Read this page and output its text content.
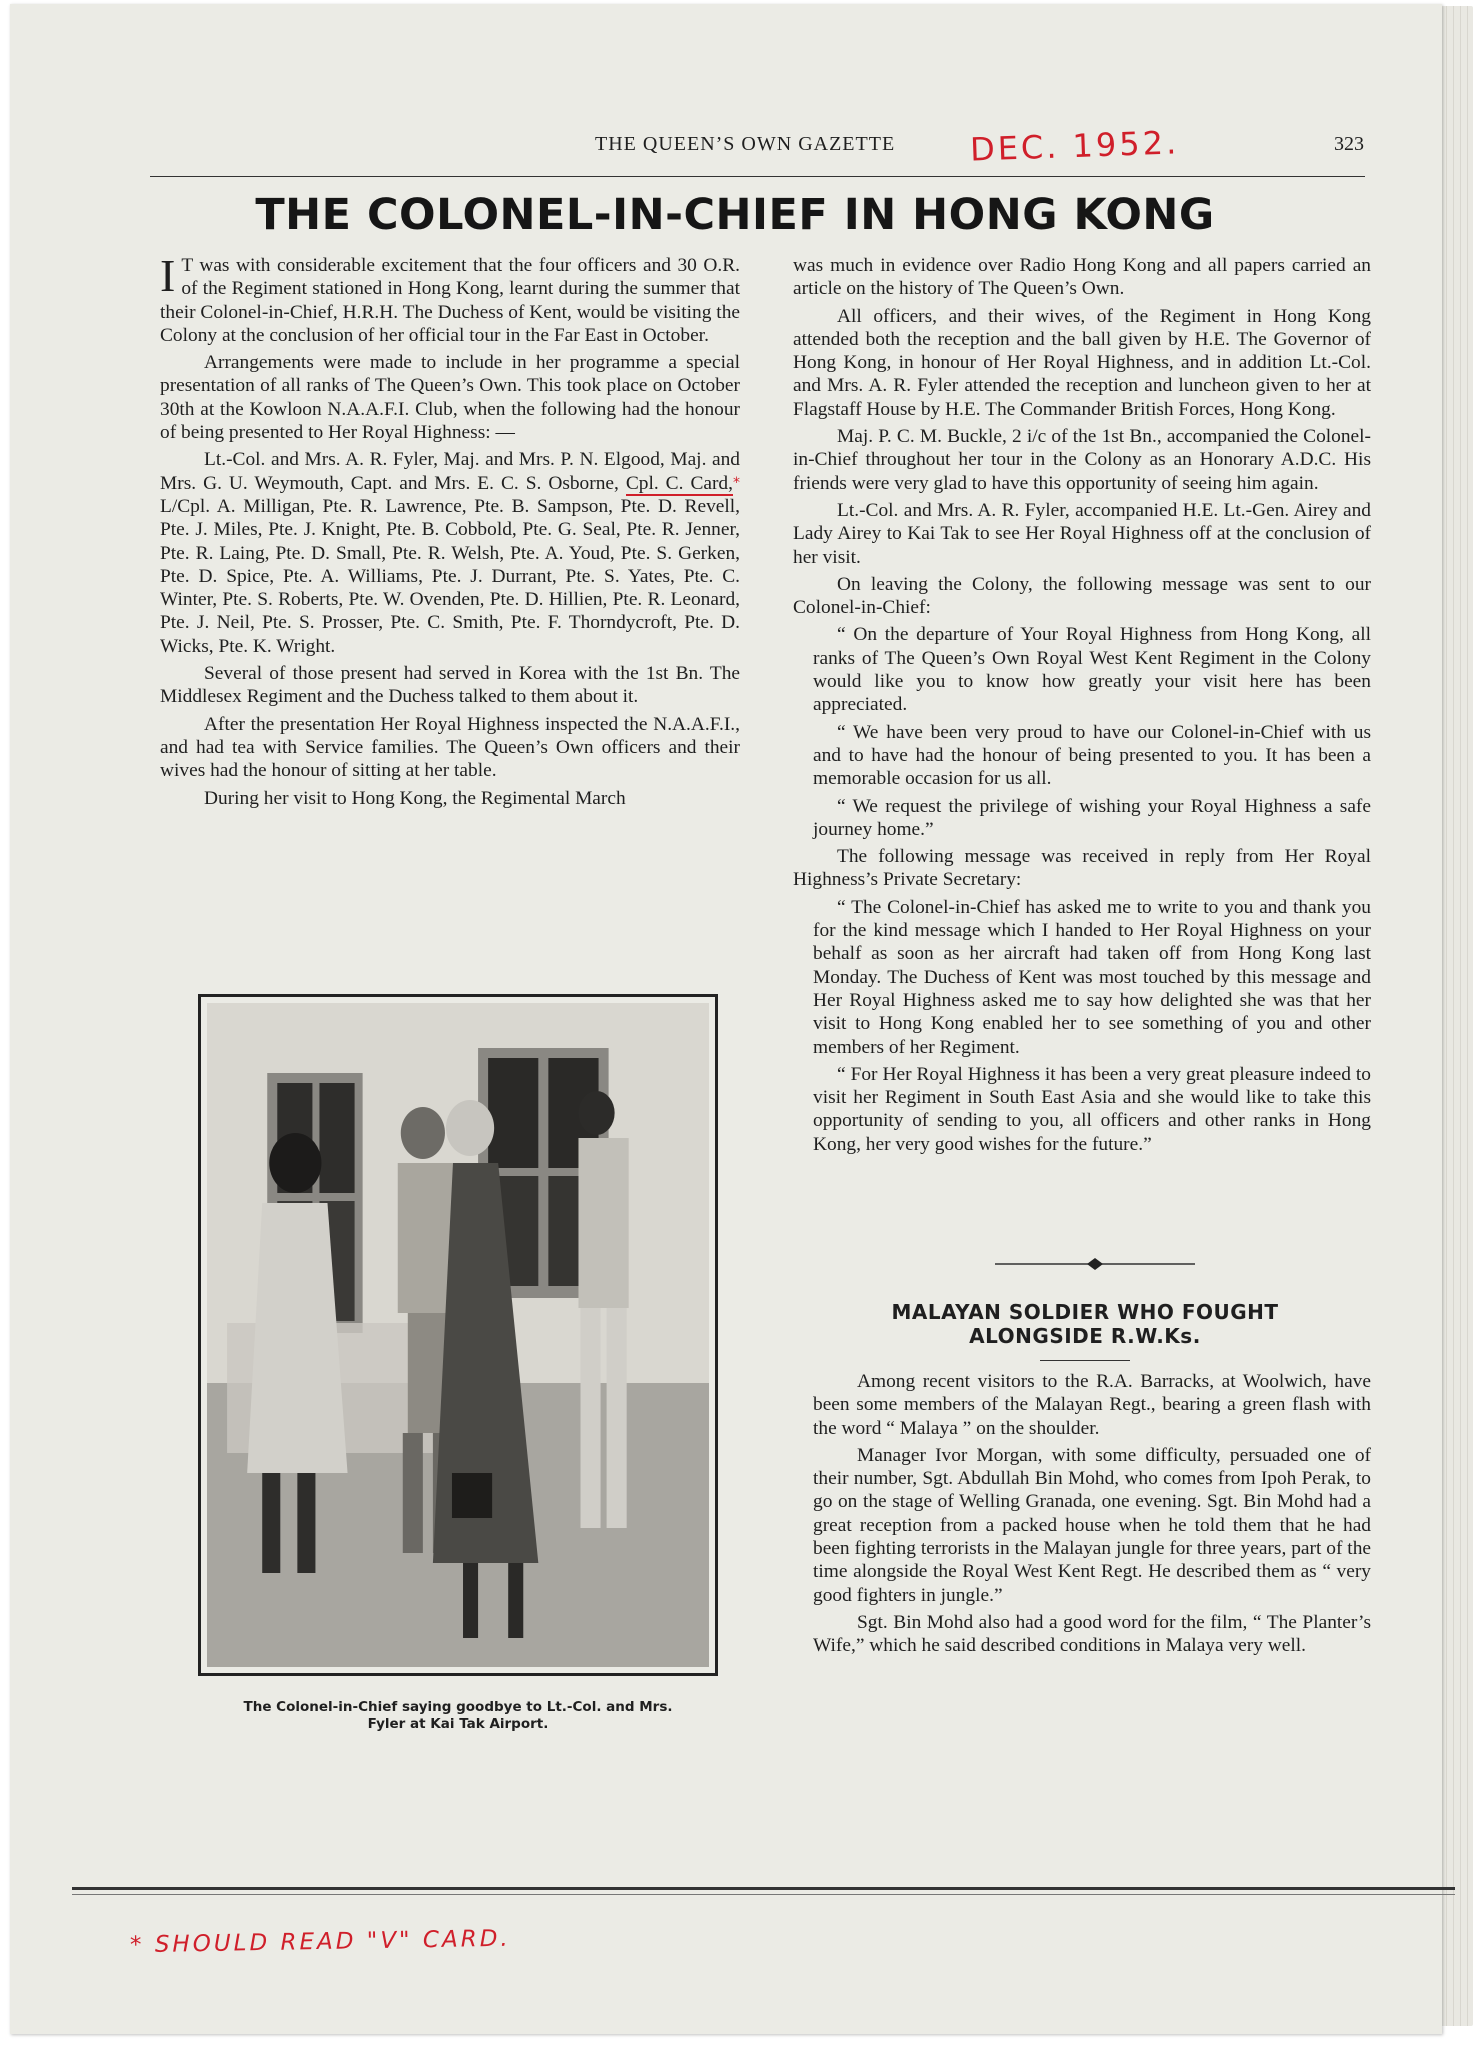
THE QUEEN’S OWN GAZETTE DEC. 1952.	323
THE COLONEL-IN-CHIEF IN HONG KONG

I T was with considerable excitement that the four officers and 30 O.R. of the Regiment stationed in Hong Kong, learnt during the summer that their Colonel-in-Chief, H.R.H. The Duchess of Kent, would be visiting the Colony at the conclusion of her official tour in the Far East in October.

Arrangements were made to include in her programme a special presentation of all ranks of The Queen’s Own. This took place on October 30th at the Kowloon N.A.A.F.I. Club, when the following had the honour of being presented to Her Royal Highness: —

Lt.-Col. and Mrs. A. R. Fyler, Maj. and Mrs. P. N. Elgood, Maj. and Mrs. G. U. Weymouth, Capt. and Mrs. E. C. S. Osborne, Cpl. C. Card,* L/Cpl. A. Milligan, Pte. R. Lawrence, Pte. B. Sampson, Pte. D. Revell, Pte. J. Miles, Pte. J. Knight, Pte. B. Cobbold, Pte. G. Seal, Pte. R. Jenner, Pte. R. Laing, Pte. D. Small, Pte. R. Welsh, Pte. A. Youd, Pte. S. Gerken, Pte. D. Spice, Pte. A. Williams, Pte. J. Durrant, Pte. S. Yates, Pte. C. Winter, Pte. S. Roberts, Pte. W. Ovenden, Pte. D. Hillien, Pte. R. Leonard, Pte. J. Neil, Pte. S. Prosser, Pte. C. Smith, Pte. F. Thorndycroft, Pte. D. Wicks, Pte. K. Wright.

Several of those present had served in Korea with the 1st Bn. The Middlesex Regiment and the Duchess talked to them about it.

After the presentation Her Royal Highness inspected the N.A.A.F.I., and had tea with Service families. The Queen’s Own officers and their wives had the honour of sitting at her table.

During her visit to Hong Kong, the Regimental March

The Colonel-in-Chief saying goodbye to Lt.-Col. and Mrs.
Fyler at Kai Tak Airport.

was much in evidence over Radio Hong Kong and all papers carried an article on the history of The Queen’s Own.

All officers, and their wives, of the Regiment in Hong Kong attended both the reception and the ball given by H.E. The Governor of Hong Kong, in honour of Her Royal Highness, and in addition Lt.-Col. and Mrs. A. R. Fyler attended the reception and luncheon given to her at Flagstaff House by H.E. The Commander British Forces, Hong Kong.

Maj. P. C. M. Buckle, 2 i/c of the 1st Bn., accompanied the Colonel-in-Chief throughout her tour in the Colony as an Honorary A.D.C. His friends were very glad to have this opportunity of seeing him again.

Lt.-Col. and Mrs. A. R. Fyler, accompanied H.E. Lt.-Gen. Airey and Lady Airey to Kai Tak to see Her Royal Highness off at the conclusion of her visit.

On leaving the Colony, the following message was sent to our Colonel-in-Chief:

“ On the departure of Your Royal Highness from Hong Kong, all ranks of The Queen’s Own Royal West Kent Regiment in the Colony would like you to know how greatly your visit here has been appreciated.

“ We have been very proud to have our Colonel-in-Chief with us and to have had the honour of being presented to you. It has been a memorable occasion for us all.

“ We request the privilege of wishing your Royal Highness a safe journey home.”

The following message was received in reply from Her Royal Highness’s Private Secretary:

“ The Colonel-in-Chief has asked me to write to you and thank you for the kind message which I handed to Her Royal Highness on your behalf as soon as her aircraft had taken off from Hong Kong last Monday. The Duchess of Kent was most touched by this message and Her Royal Highness asked me to say how delighted she was that her visit to Hong Kong enabled her to see something of you and other members of her Regiment.

“ For Her Royal Highness it has been a very great pleasure indeed to visit her Regiment in South East Asia and she would like to take this opportunity of sending to you, all officers and other ranks in Hong Kong, her very good wishes for the future.”

MALAYAN SOLDIER WHO FOUGHT
ALONGSIDE R.W.Ks.

Among recent visitors to the R.A. Barracks, at Woolwich, have been some members of the Malayan Regt., bearing a green flash with the word “ Malaya ” on the shoulder.

Manager Ivor Morgan, with some difficulty, persuaded one of their number, Sgt. Abdullah Bin Mohd, who comes from Ipoh Perak, to go on the stage of Welling Granada, one evening. Sgt. Bin Mohd had a great reception from a packed house when he told them that he had been fighting terrorists in the Malayan jungle for three years, part of the time alongside the Royal West Kent Regt. He described them as “ very good fighters in jungle.”

Sgt. Bin Mohd also had a good word for the film, “ The Planter’s Wife,” which he said described conditions in Malaya very well.

* SHOULD READ "V" CARD.
